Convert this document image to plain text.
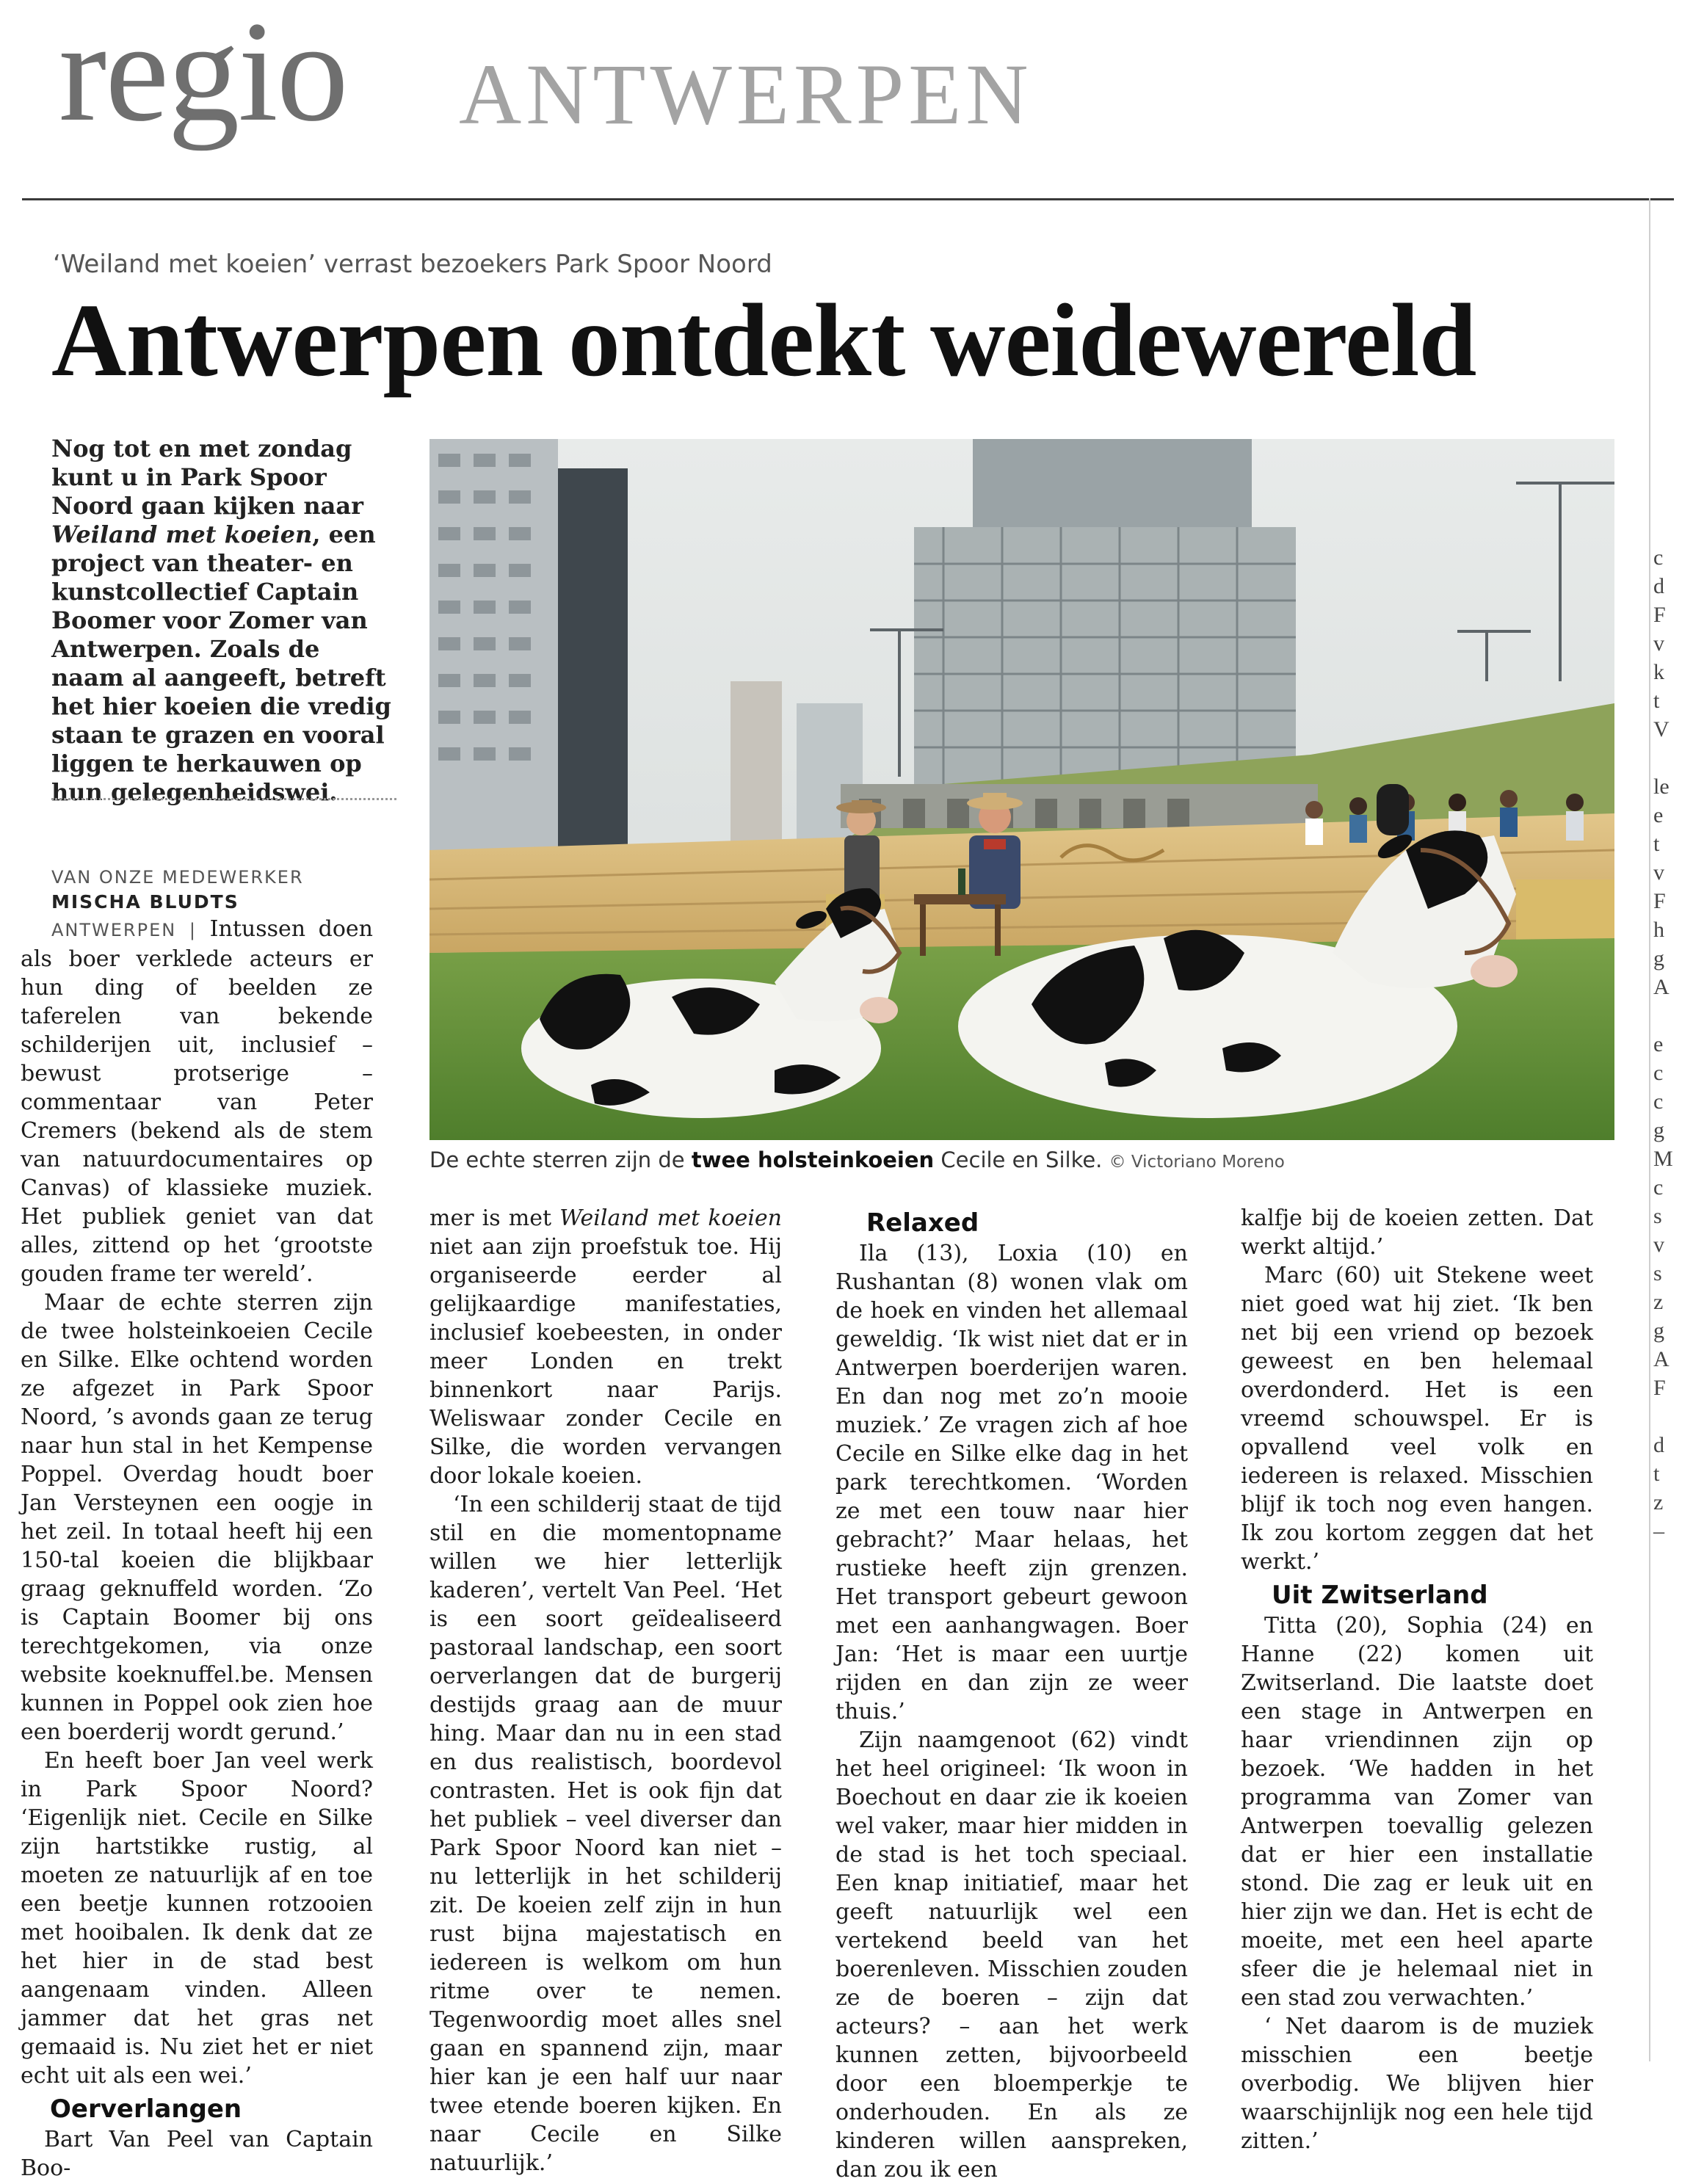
regio ANTWERPEN
‘Weiland met koeien’ verrast bezoekers Park Spoor Noord
Antwerpen ontdekt weidewereld
Nog tot en met zondag kunt u in Park Spoor Noord gaan kijken naar Weiland met koeien, een project van theater- en kunstcollectief Captain Boomer voor Zomer van Antwerpen. Zoals de naam al aangeeft, betreft het hier koeien die vredig staan te grazen en vooral liggen te herkauwen op hun gelegenheidswei.
De echte sterren zijn de twee holsteinkoeien Cecile en Silke. © Victoriano Moreno
VAN ONZE MEDEWERKER
MISCHA BLUDTS

ANTWERPEN | Intussen doen als boer verklede acteurs er hun ding of beelden ze taferelen van bekende schilderijen uit, inclusief – bewust protserige – commentaar van Peter Cremers (bekend als de stem van natuurdocumentaires op Canvas) of klassieke muziek. Het publiek geniet van dat alles, zittend op het ‘grootste gouden frame ter wereld’.

Maar de echte sterren zijn de twee holsteinkoeien Cecile en Silke. Elke ochtend worden ze afgezet in Park Spoor Noord, ’s avonds gaan ze terug naar hun stal in het Kempense Poppel. Overdag houdt boer Jan Versteynen een oogje in het zeil. In totaal heeft hij een 150-tal koeien die blijkbaar graag geknuffeld worden. ‘Zo is Captain Boomer bij ons terechtgekomen, via onze website koeknuffel.be. Mensen kunnen in Poppel ook zien hoe een boerderij wordt gerund.’

En heeft boer Jan veel werk in Park Spoor Noord? ‘Eigenlijk niet. Cecile en Silke zijn hartstikke rustig, al moeten ze natuurlijk af en toe een beetje kunnen rotzooien met hooibalen. Ik denk dat ze het hier in de stad best aangenaam vinden. Alleen jammer dat het gras net gemaaid is. Nu ziet het er niet echt uit als een wei.’

Oerverlangen

Bart Van Peel van Captain Boo-

mer is met Weiland met koeien niet aan zijn proefstuk toe. Hij organiseerde eerder al gelijkaardige manifestaties, inclusief koebeesten, in onder meer Londen en trekt binnenkort naar Parijs. Weliswaar zonder Cecile en Silke, die worden vervangen door lokale koeien.

‘In een schilderij staat de tijd stil en die momentopname willen we hier letterlijk kaderen’, vertelt Van Peel. ‘Het is een soort geïdealiseerd pastoraal landschap, een soort oerverlangen dat de burgerij destijds graag aan de muur hing. Maar dan nu in een stad en dus realistisch, boordevol contrasten. Het is ook fijn dat het publiek – veel diverser dan Park Spoor Noord kan niet – nu letterlijk in het schilderij zit. De koeien zelf zijn in hun rust bijna majestatisch en iedereen is welkom om hun ritme over te nemen. Tegenwoordig moet alles snel gaan en spannend zijn, maar hier kan je een half uur naar twee etende boeren kijken. En naar Cecile en Silke natuurlijk.’

Relaxed

Ila (13), Loxia (10) en Rushantan (8) wonen vlak om de hoek en vinden het allemaal geweldig. ‘Ik wist niet dat er in Antwerpen boerderijen waren. En dan nog met zo’n mooie muziek.’ Ze vragen zich af hoe Cecile en Silke elke dag in het park terechtkomen. ‘Worden ze met een touw naar hier gebracht?’ Maar helaas, het rustieke heeft zijn grenzen. Het transport gebeurt gewoon met een aanhangwagen. Boer Jan: ‘Het is maar een uurtje rijden en dan zijn ze weer thuis.’

Zijn naamgenoot (62) vindt het heel origineel: ‘Ik woon in Boechout en daar zie ik koeien wel vaker, maar hier midden in de stad is het toch speciaal. Een knap initiatief, maar het geeft natuurlijk wel een vertekend beeld van het boerenleven. Misschien zouden ze de boeren – zijn dat acteurs? – aan het werk kunnen zetten, bijvoorbeeld door een bloemperkje te onderhouden. En als ze kinderen willen aanspreken, dan zou ik een

kalfje bij de koeien zetten. Dat werkt altijd.’

Marc (60) uit Stekene weet niet goed wat hij ziet. ‘Ik ben net bij een vriend op bezoek geweest en ben helemaal overdonderd. Het is een vreemd schouwspel. Er is opvallend veel volk en iedereen is relaxed. Misschien blijf ik toch nog even hangen. Ik zou kortom zeggen dat het werkt.’

Uit Zwitserland

Titta (20), Sophia (24) en Hanne (22) komen uit Zwitserland. Die laatste doet een stage in Antwerpen en haar vriendinnen zijn op bezoek. ‘We hadden in het programma van Zomer van Antwerpen toevallig gelezen dat er hier een installatie stond. Die zag er leuk uit en hier zijn we dan. Het is echt de moeite, met een heel aparte sfeer die je helemaal niet in een stad zou verwachten.’

‘ Net daarom is de muziek misschien een beetje overbodig. We blijven hier waarschijnlijk nog een hele tijd zitten.’

c
d
F
v
k
t
V

le
e
t
v
F
h
g
A

e
c
c
g
M
c
s
v
s
z
g
A
F

d
t
z
–
